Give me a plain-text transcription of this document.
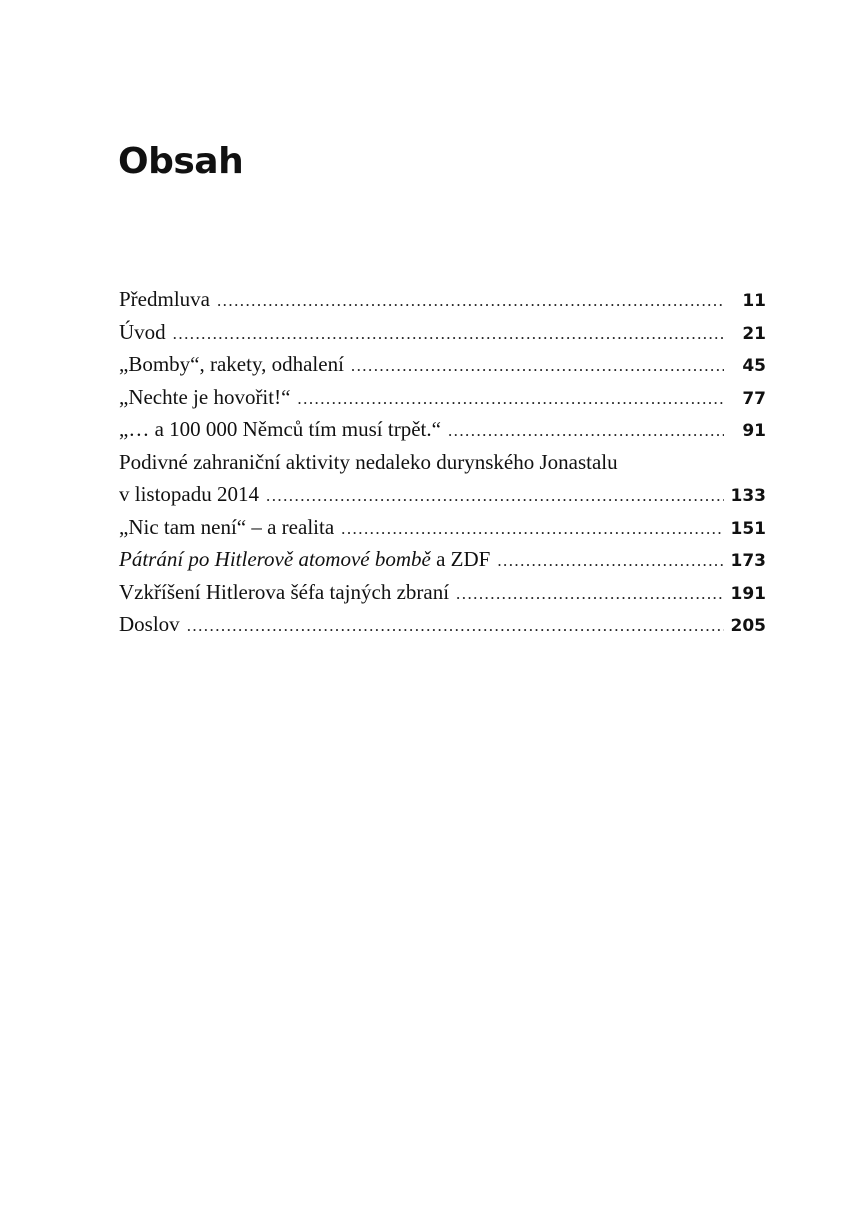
Obsah
Předmluva . . .	11
Úvod . . .	21
„Bomby“, rakety, odhalení . . .	45
„Nechte je hovořit!“ . . .	77
„… a 100 000 Němců tím musí trpět.“ . . .	91
Podivné zahraniční aktivity nedaleko durynského Jonastalu
v listopadu 2014 . . .	133
„Nic tam není“ – a realita . . .	151
Pátrání po Hitlerově atomové bombě a ZDF . . .	173
Vzkříšení Hitlerova šéfa tajných zbraní . . .	191
Doslov . . .	205
